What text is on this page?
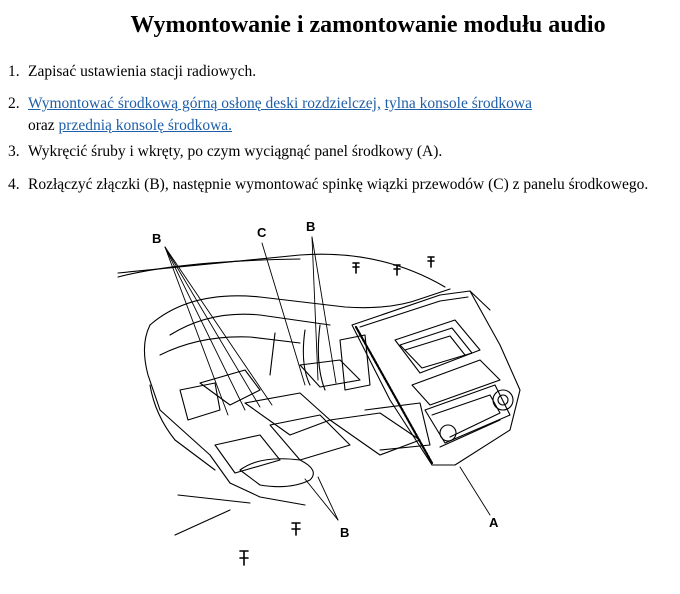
Wymontowanie i zamontowanie modułu audio
1. Zapisać ustawienia stacji radiowych.
2. Wymontować środkową górną osłonę deski rozdzielczej, tylna konsole środkowa
oraz przednią konsolę środkowa.
3. Wykręcić śruby i wkręty, po czym wyciągnąć panel środkowy (A).
4. Rozłączyć złączki (B), następnie wymontować spinkę wiązki przewodów (C) z panelu środkowego.
B	C	B
B
A
